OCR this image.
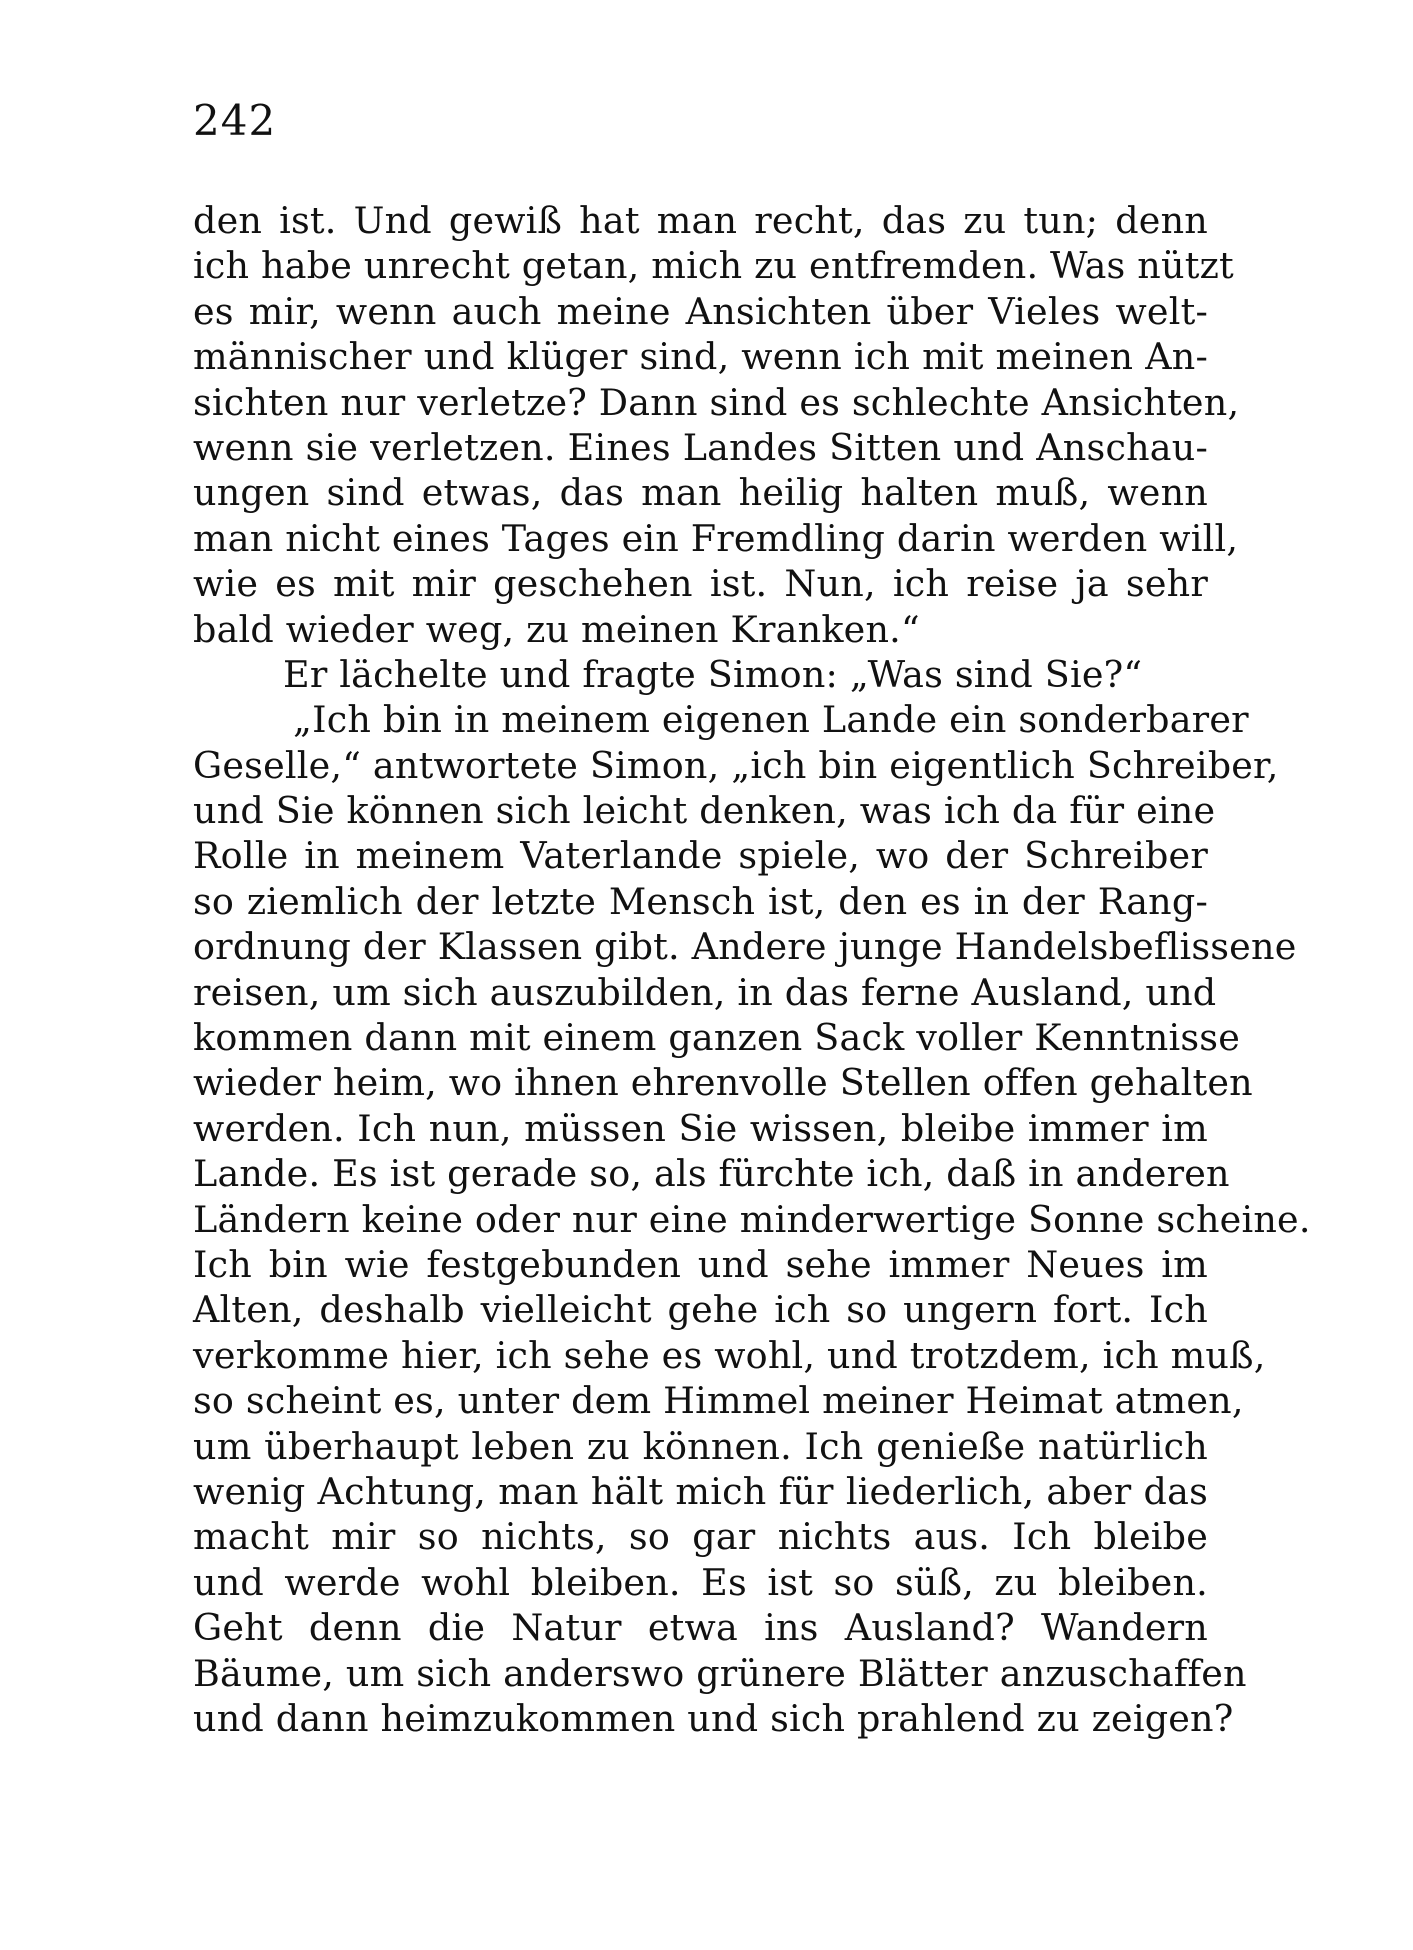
242
den ist. Und gewiß hat man recht, das zu tun; denn
ich habe unrecht getan, mich zu entfremden. Was nützt
es mir, wenn auch meine Ansichten über Vieles welt-
männischer und klüger sind, wenn ich mit meinen An-
sichten nur verletze? Dann sind es schlechte Ansichten,
wenn sie verletzen. Eines Landes Sitten und Anschau-
ungen sind etwas, das man heilig halten muß, wenn
man nicht eines Tages ein Fremdling darin werden will,
wie es mit mir geschehen ist. Nun, ich reise ja sehr
bald wieder weg, zu meinen Kranken.“
Er lächelte und fragte Simon: „Was sind Sie?“
„Ich bin in meinem eigenen Lande ein sonderbarer
Geselle,“ antwortete Simon, „ich bin eigentlich Schreiber,
und Sie können sich leicht denken, was ich da für eine
Rolle in meinem Vaterlande spiele, wo der Schreiber
so ziemlich der letzte Mensch ist, den es in der Rang-
ordnung der Klassen gibt. Andere junge Handelsbeflissene
reisen, um sich auszubilden, in das ferne Ausland, und
kommen dann mit einem ganzen Sack voller Kenntnisse
wieder heim, wo ihnen ehrenvolle Stellen offen gehalten
werden. Ich nun, müssen Sie wissen, bleibe immer im
Lande. Es ist gerade so, als fürchte ich, daß in anderen
Ländern keine oder nur eine minderwertige Sonne scheine.
Ich bin wie festgebunden und sehe immer Neues im
Alten, deshalb vielleicht gehe ich so ungern fort. Ich
verkomme hier, ich sehe es wohl, und trotzdem, ich muß,
so scheint es, unter dem Himmel meiner Heimat atmen,
um überhaupt leben zu können. Ich genieße natürlich
wenig Achtung, man hält mich für liederlich, aber das
macht mir so nichts, so gar nichts aus. Ich bleibe
und werde wohl bleiben. Es ist so süß, zu bleiben.
Geht denn die Natur etwa ins Ausland? Wandern
Bäume, um sich anderswo grünere Blätter anzuschaffen
und dann heimzukommen und sich prahlend zu zeigen?
